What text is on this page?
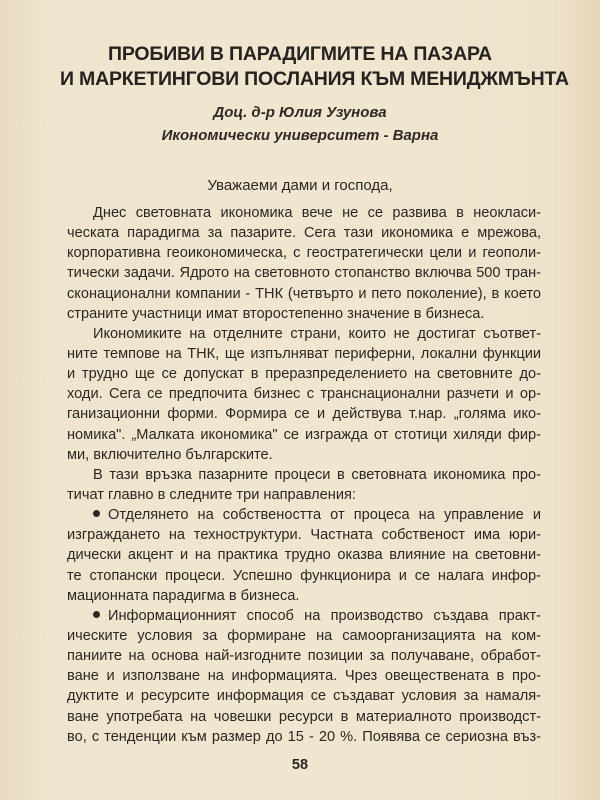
ПРОБИВИ В ПАРАДИГМИТЕ НА ПАЗАРА
И МАРКЕТИНГОВИ ПОСЛАНИЯ КЪМ МЕНИДЖМЪНТА
Доц. д-р Юлия Узунова
Икономически университет - Варна
Уважаеми дами и господа,
Днес световната икономика вече не се развива в неокласи-
ческата парадигма за пазарите. Сега тази икономика е мрежова,
корпоративна геоикономическа, с геостратегически цели и геополи-
тически задачи. Ядрото на световното стопанство включва 500 тран-
сконационални компании - ТНК (четвърто и пето поколение), в което
страните участници имат второстепенно значение в бизнеса.
Икономиките на отделните страни, които не достигат съответ-
ните темпове на ТНК, ще изпълняват периферни, локални функции
и трудно ще се допускат в преразпределението на световните до-
ходи. Сега се предпочита бизнес с транснационални разчети и ор-
ганизационни форми. Формира се и действува т.нар. „голяма ико-
номика". „Малката икономика" се изгражда от стотици хиляди фир-
ми, включително българските.
В тази връзка пазарните процеси в световната икономика про-
тичат главно в следните три направления:
Отделянето на собствеността от процеса на управление и
изграждането на техноструктури. Частната собственост има юри-
дически акцент и на практика трудно оказва влияние на световни-
те стопански процеси. Успешно функционира и се налага инфор-
мационната парадигма в бизнеса.
Информационният способ на производство създава практ-
ическите условия за формиране на самоорганизацията на ком-
паниите на основа най-изгодните позиции за получаване, обработ-
ване и използване на информацията. Чрез овеществената в про-
дуктите и ресурсите информация се създават условия за намаля-
ване употребата на човешки ресурси в материалното производст-
во, с тенденции към размер до 15 - 20 %. Появява се сериозна въз-
58
